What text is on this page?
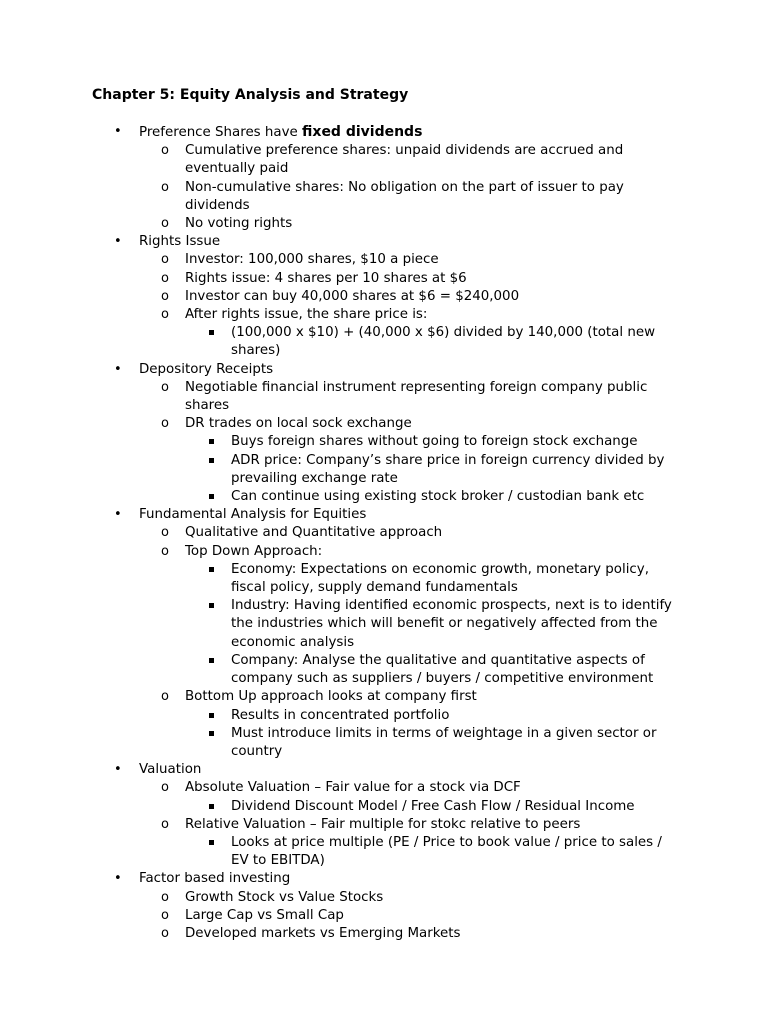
Chapter 5: Equity Analysis and Strategy
• Preference Shares have fixed dividends
o Cumulative preference shares: unpaid dividends are accrued and eventually paid
o Non-cumulative shares: No obligation on the part of issuer to pay dividends
o No voting rights
• Rights Issue
o Investor: 100,000 shares, $10 a piece
o Rights issue: 4 shares per 10 shares at $6
o Investor can buy 40,000 shares at $6 = $240,000
o After rights issue, the share price is:
(100,000 x $10) + (40,000 x $6) divided by 140,000 (total new shares)
• Depository Receipts
o Negotiable financial instrument representing foreign company public shares
o DR trades on local sock exchange
Buys foreign shares without going to foreign stock exchange
ADR price: Company’s share price in foreign currency divided by prevailing exchange rate
Can continue using existing stock broker / custodian bank etc
• Fundamental Analysis for Equities
o Qualitative and Quantitative approach
o Top Down Approach:
Economy: Expectations on economic growth, monetary policy, fiscal policy, supply demand fundamentals
Industry: Having identified economic prospects, next is to identify the industries which will benefit or negatively affected from the economic analysis
Company: Analyse the qualitative and quantitative aspects of company such as suppliers / buyers / competitive environment
o Bottom Up approach looks at company first
Results in concentrated portfolio
Must introduce limits in terms of weightage in a given sector or country
• Valuation
o Absolute Valuation – Fair value for a stock via DCF
Dividend Discount Model / Free Cash Flow / Residual Income
o Relative Valuation – Fair multiple for stokc relative to peers
Looks at price multiple (PE / Price to book value / price to sales / EV to EBITDA)
• Factor based investing
o Growth Stock vs Value Stocks
o Large Cap vs Small Cap
o Developed markets vs Emerging Markets
